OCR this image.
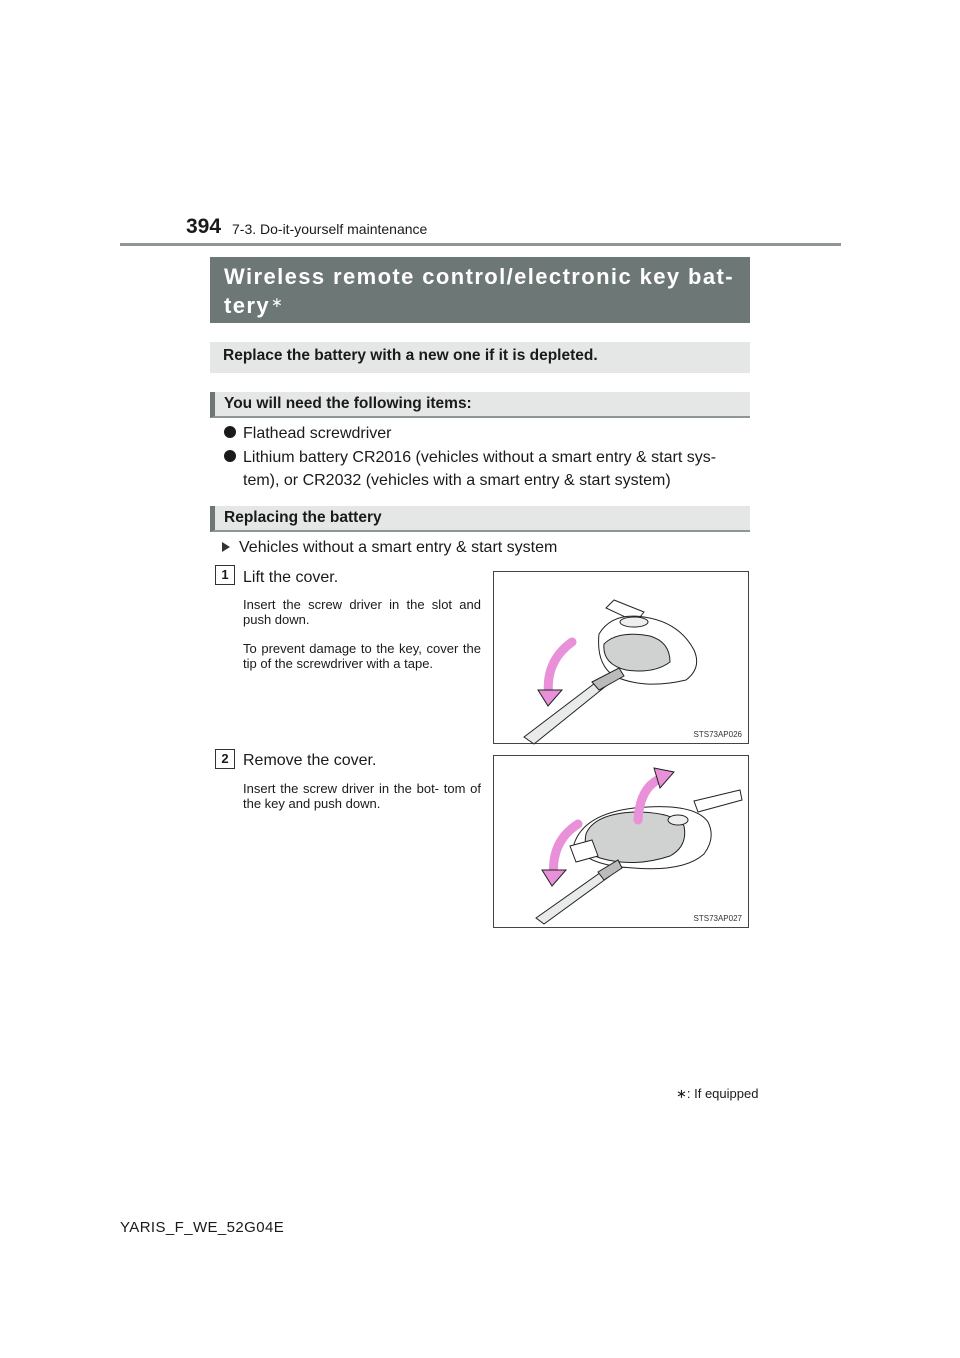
394 7-3. Do-it-yourself maintenance
Wireless remote control/electronic key bat-
tery∗
Replace the battery with a new one if it is depleted.
You will need the following items:
Flathead screwdriver
Lithium battery CR2016 (vehicles without a smart entry & start sys-
tem), or CR2032 (vehicles with a smart entry & start system)
Replacing the battery
Vehicles without a smart entry & start system
1 Lift the cover.
Insert the screw driver in the slot and push down.
To prevent damage to the key, cover the tip of the screwdriver with a tape.
STS73AP026
2 Remove the cover.
Insert the screw driver in the bot- tom of the key and push down.
STS73AP027
∗: If equipped
YARIS_F_WE_52G04E
